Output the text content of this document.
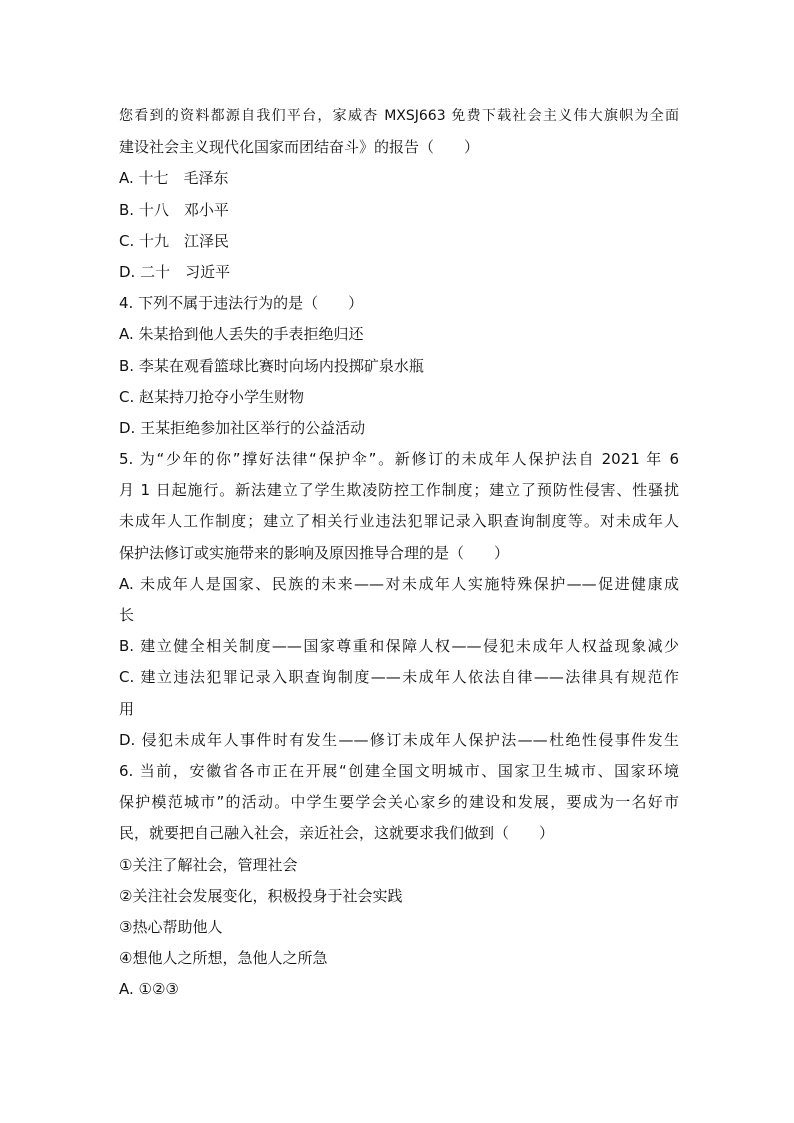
您看到的资料都源自我们平台，家威杏 MXSJ663 免费下载社会主义伟大旗帜为全面
建设社会主义现代化国家而团结奋斗》的报告（　　）
A. 十七　毛泽东
B. 十八　邓小平
C. 十九　江泽民
D. 二十　习近平
4. 下列不属于违法行为的是（　　）
A. 朱某拾到他人丢失的手表拒绝归还
B. 李某在观看篮球比赛时向场内投掷矿泉水瓶
C. 赵某持刀抢夺小学生财物
D. 王某拒绝参加社区举行的公益活动
5. 为“少年的你”撑好法律“保护伞”。新修订的未成年人保护法自 2021 年 6
月 1 日起施行。新法建立了学生欺凌防控工作制度；建立了预防性侵害、性骚扰
未成年人工作制度；建立了相关行业违法犯罪记录入职查询制度等。对未成年人
保护法修订或实施带来的影响及原因推导合理的是（　　）
A. 未成年人是国家、民族的未来——对未成年人实施特殊保护——促进健康成
长
B. 建立健全相关制度——国家尊重和保障人权——侵犯未成年人权益现象减少
C. 建立违法犯罪记录入职查询制度——未成年人依法自律——法律具有规范作
用
D. 侵犯未成年人事件时有发生——修订未成年人保护法——杜绝性侵事件发生
6. 当前，安徽省各市正在开展“创建全国文明城市、国家卫生城市、国家环境
保护模范城市”的活动。中学生要学会关心家乡的建设和发展，要成为一名好市
民，就要把自己融入社会，亲近社会，这就要求我们做到（　　）
①关注了解社会，管理社会
②关注社会发展变化，积极投身于社会实践
③热心帮助他人
④想他人之所想，急他人之所急
A. ①②③
